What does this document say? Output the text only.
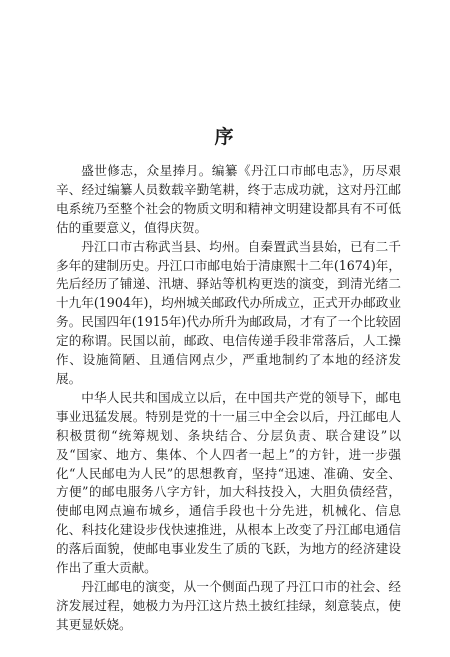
序

盛世修志，众星捧月。编纂《丹江口市邮电志》，历尽艰辛、经过编纂人员数载辛勤笔耕，终于志成功就，这对丹江邮电系统乃至整个社会的物质文明和精神文明建设都具有不可低估的重要意义，值得庆贺。

丹江口市古称武当县、均州。自秦置武当县始，已有二千多年的建制历史。丹江口市邮电始于清康熙十二年(1674)年，先后经历了铺递、汛塘、驿站等机构更迭的演变，到清光绪二十九年(1904年)，均州城关邮政代办所成立，正式开办邮政业务。民国四年(1915年)代办所升为邮政局，才有了一个比较固定的称谓。民国以前，邮政、电信传递手段非常落后，人工操作、设施简陋、且通信网点少，严重地制约了本地的经济发展。

中华人民共和国成立以后，在中国共产党的领导下，邮电事业迅猛发展。特别是党的十一届三中全会以后，丹江邮电人积极贯彻“统筹规划、条块结合、分层负责、联合建设”以及“国家、地方、集体、个人四者一起上”的方针，进一步强化“人民邮电为人民”的思想教育，坚持“迅速、准确、安全、方便”的邮电服务八字方针，加大科技投入，大胆负债经营，使邮电网点遍布城乡，通信手段也十分先进，机械化、信息化、科技化建设步伐快速推进，从根本上改变了丹江邮电通信的落后面貌，使邮电事业发生了质的飞跃，为地方的经济建设作出了重大贡献。

丹江邮电的演变，从一个侧面凸现了丹江口市的社会、经济发展过程，她极力为丹江这片热土披红挂绿，刻意装点，使其更显妖娆。
